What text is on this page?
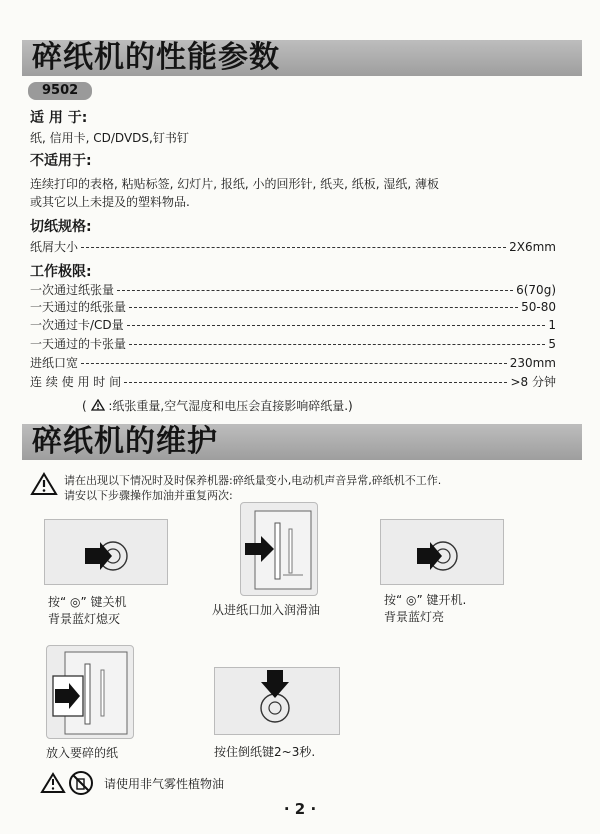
碎纸机的性能参数
9502
适 用 于:
纸, 信用卡, CD/DVDS,钉书钉
不适用于:
连续打印的表格, 粘贴标签, 幻灯片, 报纸, 小的回形针, 纸夹, 纸板, 湿纸, 薄板
或其它以上未提及的塑料物品.
切纸规格:
纸屑大小	2X6mm
工作极限:
一次通过纸张量	6(70g)
一天通过的纸张量	50-80
一次通过卡/CD量	1
一天通过的卡张量	5
进纸口宽	230mm
连 续 使 用 时 间	>8 分钟
( :纸张重量,空气湿度和电压会直接影响碎纸量.)
碎纸机的维护
请在出现以下情况时及时保养机器:碎纸量变小,电动机声音异常,碎纸机不工作.
请安以下步骤操作加油并重复两次:
按“ ◎” 键关机
背景蓝灯熄灭
从进纸口加入润滑油
按“ ◎” 键开机.
背景蓝灯亮
放入要碎的纸	按住倒纸键2~3秒.
请使用非气雾性植物油
· 2 ·
